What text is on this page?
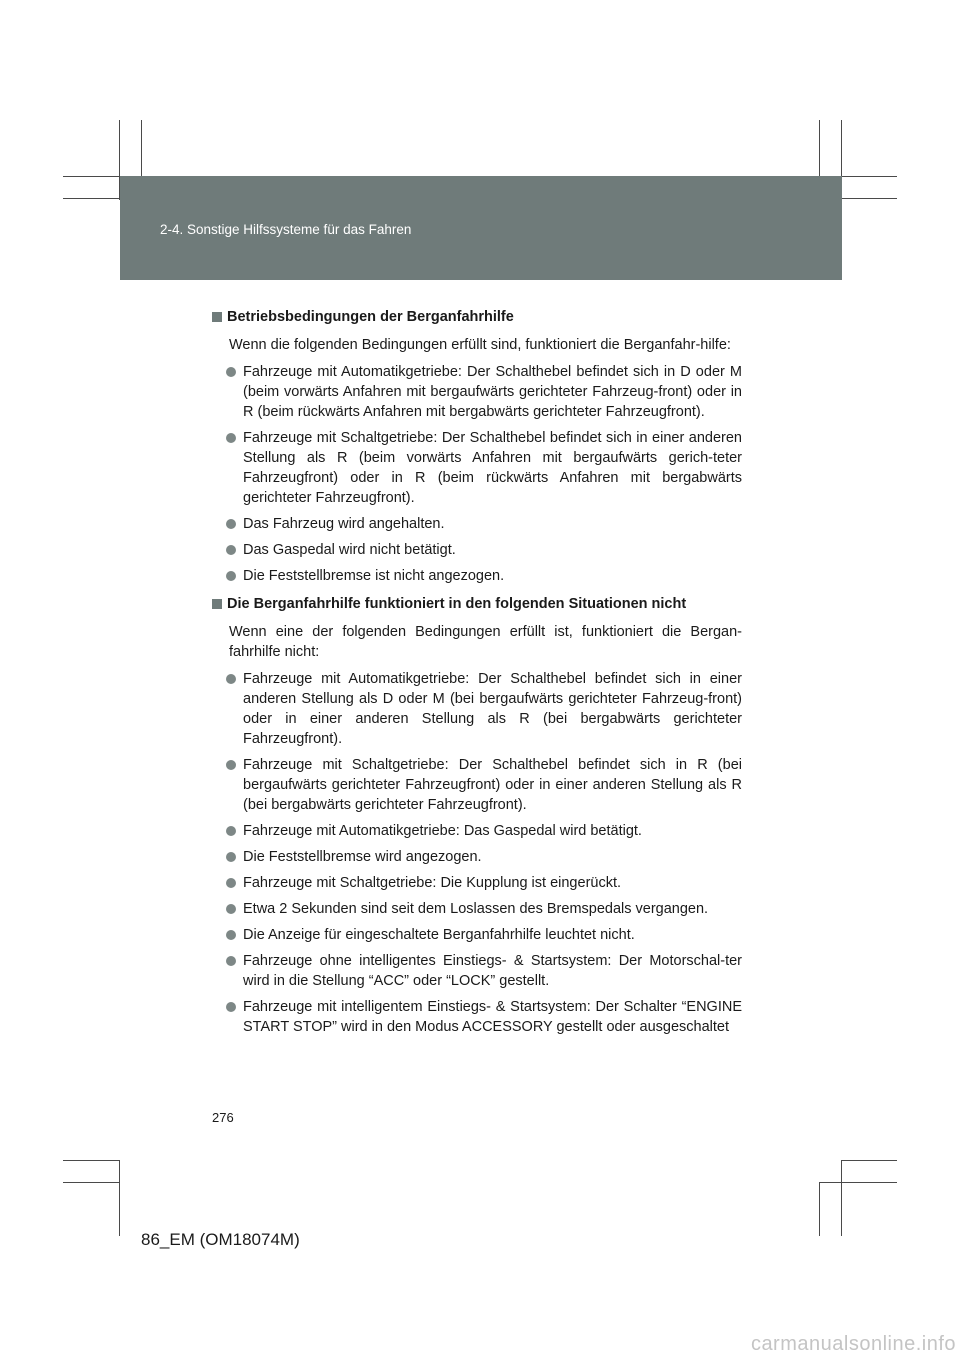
2-4. Sonstige Hilfssysteme für das Fahren
Betriebsbedingungen der Berganfahrhilfe
Wenn die folgenden Bedingungen erfüllt sind, funktioniert die Berganfahr-hilfe:
Fahrzeuge mit Automatikgetriebe: Der Schalthebel befindet sich in D oder M (beim vorwärts Anfahren mit bergaufwärts gerichteter Fahrzeug-front) oder in R (beim rückwärts Anfahren mit bergabwärts gerichteter Fahrzeugfront).
Fahrzeuge mit Schaltgetriebe: Der Schalthebel befindet sich in einer anderen Stellung als R (beim vorwärts Anfahren mit bergaufwärts gerich-teter Fahrzeugfront) oder in R (beim rückwärts Anfahren mit bergabwärts gerichteter Fahrzeugfront).
Das Fahrzeug wird angehalten.
Das Gaspedal wird nicht betätigt.
Die Feststellbremse ist nicht angezogen.
Die Berganfahrhilfe funktioniert in den folgenden Situationen nicht
Wenn eine der folgenden Bedingungen erfüllt ist, funktioniert die Bergan-fahrhilfe nicht:
Fahrzeuge mit Automatikgetriebe: Der Schalthebel befindet sich in einer anderen Stellung als D oder M (bei bergaufwärts gerichteter Fahrzeug-front) oder in einer anderen Stellung als R (bei bergabwärts gerichteter Fahrzeugfront).
Fahrzeuge mit Schaltgetriebe: Der Schalthebel befindet sich in R (bei bergaufwärts gerichteter Fahrzeugfront) oder in einer anderen Stellung als R (bei bergabwärts gerichteter Fahrzeugfront).
Fahrzeuge mit Automatikgetriebe: Das Gaspedal wird betätigt.
Die Feststellbremse wird angezogen.
Fahrzeuge mit Schaltgetriebe: Die Kupplung ist eingerückt.
Etwa 2 Sekunden sind seit dem Loslassen des Bremspedals vergangen.
Die Anzeige für eingeschaltete Berganfahrhilfe leuchtet nicht.
Fahrzeuge ohne intelligentes Einstiegs- & Startsystem: Der Motorschal-ter wird in die Stellung “ACC” oder “LOCK” gestellt.
Fahrzeuge mit intelligentem Einstiegs- & Startsystem: Der Schalter “ENGINE START STOP” wird in den Modus ACCESSORY gestellt oder ausgeschaltet
276
86_EM (OM18074M)
carmanualsonline.info
